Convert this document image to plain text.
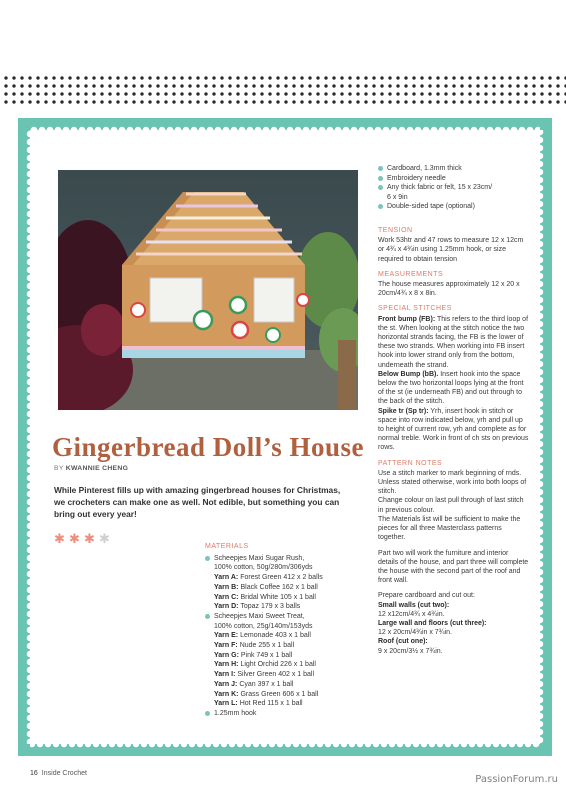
Cardboard, 1.3mm thick
Embroidery needle
Any thick fabric or felt, 15 x 23cm/
6 x 9in
Double-sided tape (optional)
TENSION
Work 53htr and 47 rows to measure 12 x 12cm or 4¾ x 4¾in using 1.25mm hook, or size required to obtain tension
MEASUREMENTS
The house measures approximately 12 x 20 x 20cm/4¾ x 8 x 8in.
SPECIAL STITCHES
Front bump (FB): This refers to the third loop of the st. When looking at the stitch notice the two horizontal strands facing, the FB is the lower of these two strands. When working into FB insert hook into lower strand only from the bottom, underneath the strand.
Below Bump (bB). Insert hook into the space below the two horizontal loops lying at the front of the st (ie underneath FB) and out through to the back of the stitch.
Spike tr (Sp tr): Yrh, insert hook in stitch or space into row indicated below, yrh and pull up to height of current row, yrh and complete as for normal treble. Work in front of ch sts on previous rows.
PATTERN NOTES

Use a stitch marker to mark beginning of rnds. Unless stated otherwise, work into both loops of stitch.

Change colour on last pull through of last stitch in previous colour.

The Materials list will be sufficient to make the pieces for all three Masterclass patterns together.

Part two will work the furniture and interior details of the house, and part three will complete the house with the second part of the roof and front wall.

Prepare cardboard and cut out:

Small walls (cut two):

12 x12cm/4¾ x 4¾in.

Large wall and floors (cut three):

12 x 20cm/4¾in x 7¾in.

Roof (cut one):

9 x 20cm/3½ x 7¾in.

Gingerbread Doll’s House
BY KWANNIE CHENG
While Pinterest fills up with amazing gingerbread houses for Christmas, we crocheters can make one as well. Not edible, but something you can bring out every year!
✱ ✱ ✱ ✱
MATERIALS
Scheepjes Maxi Sugar Rush,
100% cotton, 50g/280m/306yds
Yarn A: Forest Green 412 x 2 balls
Yarn B: Black Coffee 162 x 1 ball
Yarn C: Bridal White 105 x 1 ball
Yarn D: Topaz 179 x 3 balls
Scheepjes Maxi Sweet Treat,
100% cotton, 25g/140m/153yds
Yarn E: Lemonade 403 x 1 ball
Yarn F: Nude 255 x 1 ball
Yarn G: Pink 749 x 1 ball
Yarn H: Light Orchid 226 x 1 ball
Yarn I: Silver Green 402 x 1 ball
Yarn J: Cyan 397 x 1 ball
Yarn K: Grass Green 606 x 1 ball
Yarn L: Hot Red 115 x 1 ball
1.25mm hook
16 Inside Crochet
PassionForum.ru
